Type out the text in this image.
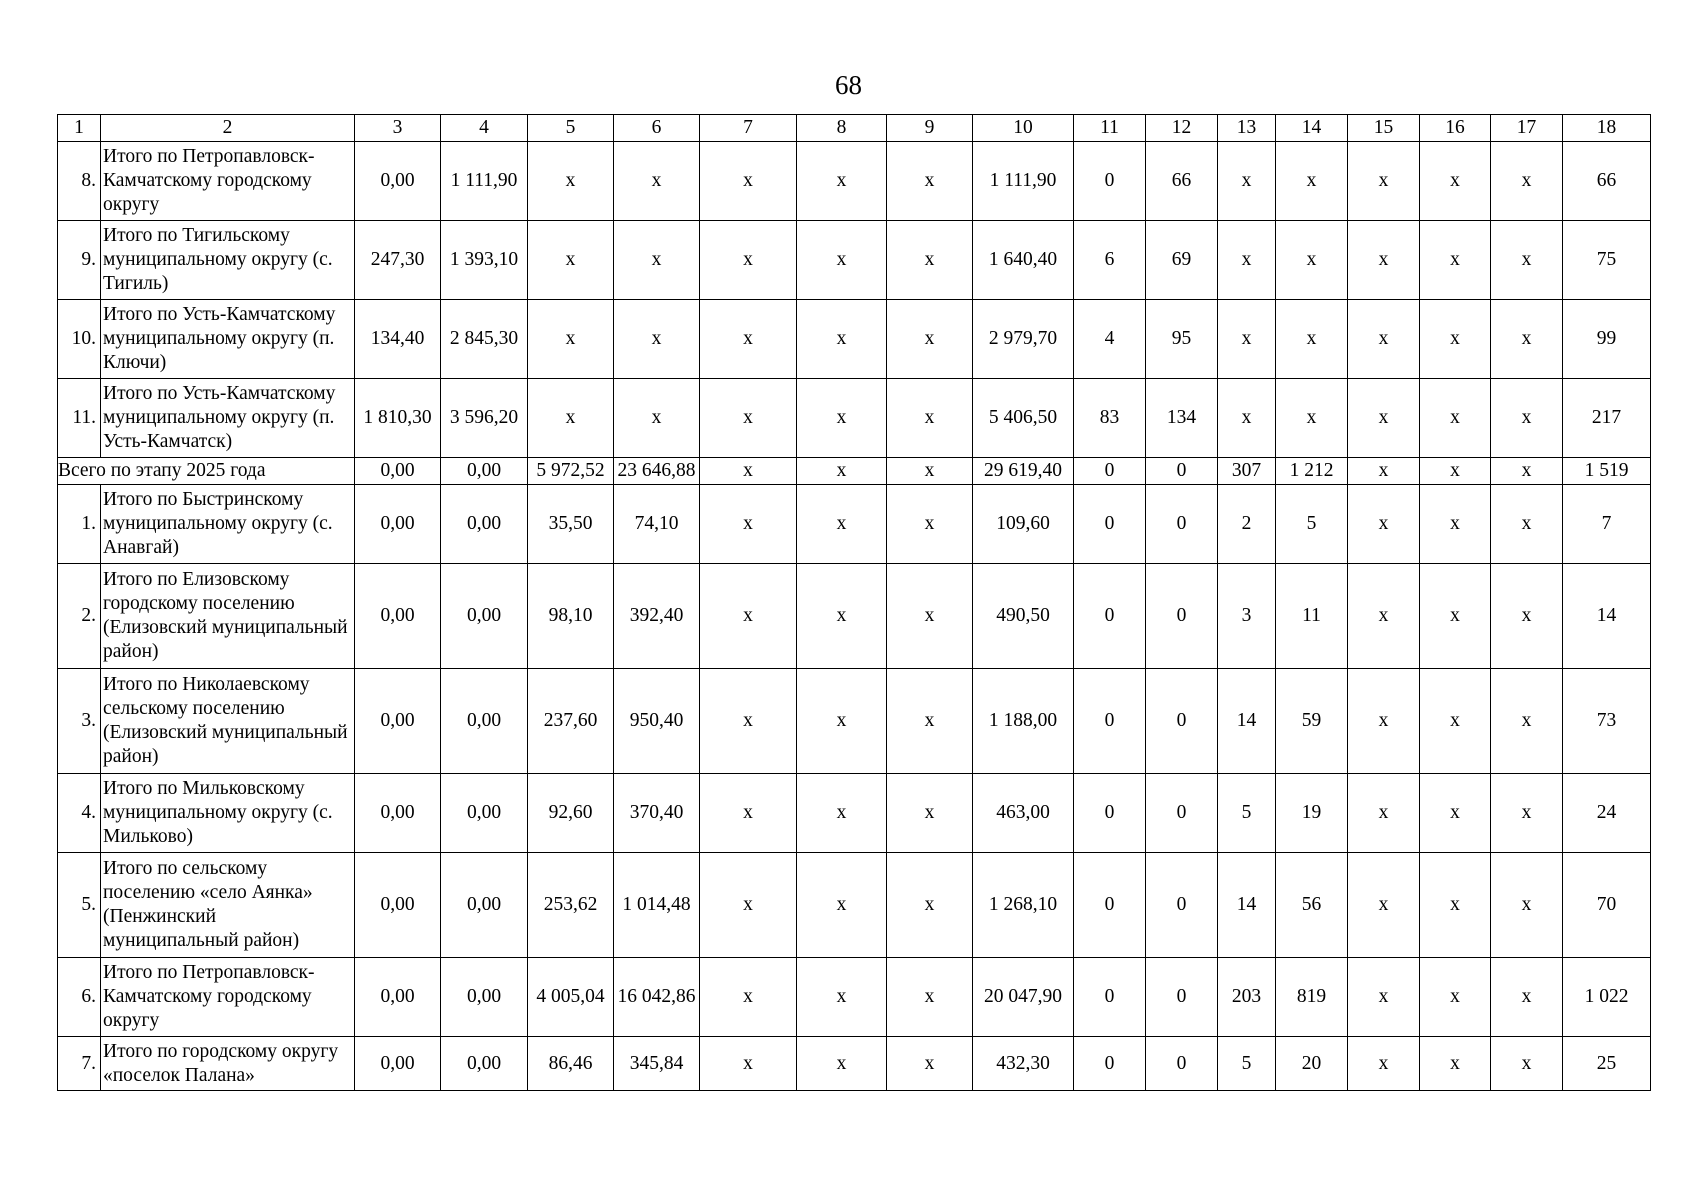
68
1	2	3	4	5	6	7	8	9	10	11	12	13	14	15	16	17	18
8.	Итого по Петропавловск-Камчатскому городскому округу	0,00	1 111,90	x	x	x	x	x	1 111,90	0	66	x	x	x	x	x	66
9.	Итого по Тигильскому муниципальному округу (с. Тигиль)	247,30	1 393,10	x	x	x	x	x	1 640,40	6	69	x	x	x	x	x	75
10.	Итого по Усть-Камчатскому муниципальному округу (п. Ключи)	134,40	2 845,30	x	x	x	x	x	2 979,70	4	95	x	x	x	x	x	99
11.	Итого по Усть-Камчатскому муниципальному округу (п. Усть-Камчатск)	1 810,30	3 596,20	x	x	x	x	x	5 406,50	83	134	x	x	x	x	x	217
Всего по этапу 2025 года		0,00	0,00	5 972,52	23 646,88	x	x	x	29 619,40	0	0	307	1 212	x	x	x	1 519
1.	Итого по Быстринскому муниципальному округу (с. Анавгай)	0,00	0,00	35,50	74,10	x	x	x	109,60	0	0	2	5	x	x	x	7
2.	Итого по Елизовскому городскому поселению (Елизовский муниципальный район)	0,00	0,00	98,10	392,40	x	x	x	490,50	0	0	3	11	x	x	x	14
3.	Итого по Николаевскому сельскому поселению (Елизовский муниципальный район)	0,00	0,00	237,60	950,40	x	x	x	1 188,00	0	0	14	59	x	x	x	73
4.	Итого по Мильковскому муниципальному округу (с. Мильково)	0,00	0,00	92,60	370,40	x	x	x	463,00	0	0	5	19	x	x	x	24
5.	Итого по сельскому поселению «село Аянка» (Пенжинский муниципальный район)	0,00	0,00	253,62	1 014,48	x	x	x	1 268,10	0	0	14	56	x	x	x	70
6.	Итого по Петропавловск-Камчатскому городскому округу	0,00	0,00	4 005,04	16 042,86	x	x	x	20 047,90	0	0	203	819	x	x	x	1 022
7.	Итого по городскому округу «поселок Палана»	0,00	0,00	86,46	345,84	x	x	x	432,30	0	0	5	20	x	x	x	25
